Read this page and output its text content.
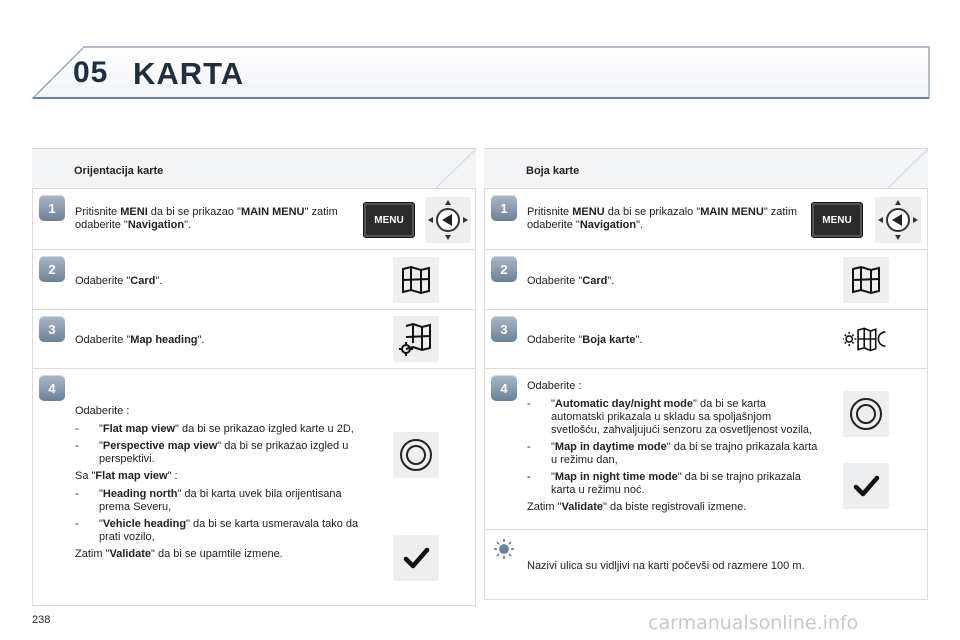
05 KARTA
Orijentacija karte
1	Pritisnite MENI da bi se prikazao "MAIN MENU" zatim odaberite "Navigation".	MENU
2
Odaberite "Card".
3
Odaberite "Map heading".
4

Odaberite :

- "Flat map view" da bi se prikazao izgled karte u 2D,
- "Perspective map view" da bi se prikazao izgled u perspektivi.

Sa "Flat map view" :

- "Heading north" da bi karta uvek bila orijentisana prema Severu,
- "Vehicle heading" da bi se karta usmeravala tako da prati vozilo,

Zatim "Validate" da bi se upamtile izmene.

Boja karte
1	Pritisnite MENU da bi se prikazalo "MAIN MENU" zatim odaberite "Navigation".	MENU
2
Odaberite "Card".
3
Odaberite "Boja karte".
4	Odaberite :

- "Automatic day/night mode" da bi se karta automatski prikazala u skladu sa spoljašnjom svetlošću, zahvaljujući senzoru za osvetljenost vozila,
- "Map in daytime mode" da bi se trajno prikazala karta u režimu dan,
- "Map in night time mode" da bi se trajno prikazala karta u režimu noć.

Zatim "Validate" da biste registrovali izmene.

Nazivi ulica su vidljivi na karti počevši od razmere 100 m.
238	carmanualsonline.info
